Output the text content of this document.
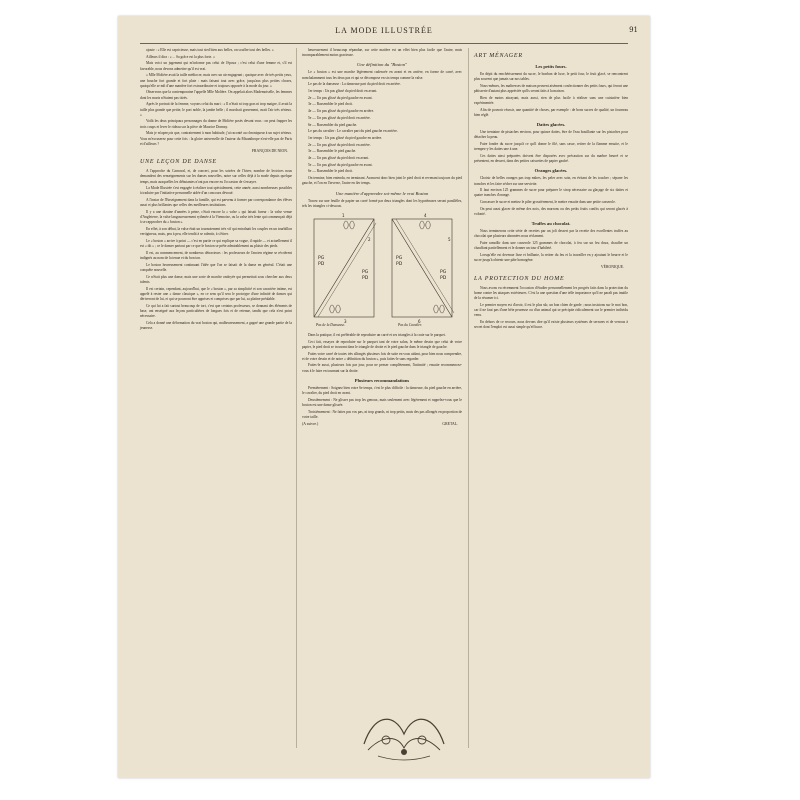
LA MODE ILLUSTRÉE	91

ajoute : « Elle est capricieuse, mais tout sied bien aux belles, on souffre tout des belles. »

Ailleurs il dira : « ... Sa grâce est la plus forte. »

Mais voici un jugement qui m'informe pas celui de l'époux ; c'est celui d'une femme et, s'il est favorable, nous devons admettre qu'il est vrai.

« Mlle Molière avait la taille médiocre, mais avec un air engageant ; quoique avec de très petits yeux, une bouche fort grande et fort plate : mais faisant tout avec grâce, jusqu'aux plus petites choses, quoiqu'elle se mît d'une manière fort extraordinaire et toujours opposée à la mode du jour. »

Observons que la contemporaine l'appelle Mlle Molière. On appelait alors Mademoiselle, les femmes dont les maris n'étaient pas titrés.

Après le portrait de la femme, voyons celui du mari : « Il n'était ni trop gras ni trop maigre, il avait la taille plus grande que petite, le port noble, la jambe belle ; il marchait gravement, avait l'air très sérieux. »

Voilà les deux principaux personnages du drame de Molière posés devant vous : on peut frapper les trois coups et lever le rideau sur la pièce de Maurice Donnay.

Mais je m'aperçois que, contrairement à mon habitude, j'ai raconté au chroniqueur à un sujet sérieux. Vous m'excuserez pour cette fois : la gloire universelle de l'auteur du Misanthrope n'est-elle pas de Paris et d'ailleurs ?

FRANÇOIS DE NION.

UNE LEÇON DE DANSE

A l'approche du Carnaval, et, de concert, pour les soirées de l'hiver, nombre de lectrices nous demandent des renseignements sur les danses nouvelles, notre sur celles déjà à la mode depuis quelque temps, mais auxquelles les débutantes n'ont pas encore eu l'occasion de s'essayer.

La Mode Illustrée s'est engagée à réaliser tout spécialement, cette année, aussi nombreuses possibles à traduire par l'initiative personnelle aidée d'un concours dévoué.

A l'instar de l'Enseignement dans la famille, qui est parvenu à former par correspondance des élèves aussi et plus brillantes que celles des meilleures institutions.

Il y a une dizaine d'années à peine, c'était encore la « valse » qui faisait fureur : la valse venue d'Angleterre, la valse langoureusement rythmée à la Viennoise, ou la valse très lente qui commençait déjà à se rapprocher du « boston ».

En effet, à son début, la valse était un tournoiement très vif qui entraînait les couples en un tourbillon vertigineux, mais, peu à peu, elle tendit à se ralentir, à s'étirer.

Le « boston » arrive à point — c'est en partie ce qui explique sa vogue, il rapide — et actuellement il est « dit » ; ce le danser partout par ce que le boston se prête admirablement au plaisir des pieds.

Il est, au commencement, de nombreux détracteurs : les professeurs de l'ancien régime se récrièrent indignés au nom de la tenue et du bon ton.

Le boston heureusement continuant l'idée que l'on se faisait de la danse en général. C'était une conquête nouvelle.

Ce n'était plus une danse, mais une sorte de marche ondoyée qui permettait sous chercher aux deux talents.

Il est certain, cependant, aujourd'hui, que le « boston », par sa simplicité et son caractère intime, est appelé à rester une « danse classique », en ce sens qu'il sera le prototype d'une infinité de danses qui dériveront de lui, et qui se pourront être apprises et comprises que par lui, sa platine préalable.

Ce qui lui a fait surtout beaucoup de tort, c'est que certains professeurs, se donnant des éléments de base, ont enseigné aux leçons particulières de longues fois et de retenue, tandis que cela n'est point nécessaire.

Cela a donné une déformation du vrai boston qui, malheureusement, a gagné une grande partie de la jeunesse.

heureusement il beaucoup répandue, sur cette matière est un effet bien plus facile que l'autre, mais incomparablement moins gracieuse.

Une définition du "Boston"

Le « boston » est une marche légèrement cadencée en avant et en arrière, en forme de carré, avec nonchalamment tous les deux pas et qui se décompose en six temps comme la valse.

Le pas de la danseuse : La danseuse part du pied droit en arrière.

1er temps : Un pas glissé du pied droit en avant.

2e — Un pas glissé du pied gauche en avant.

3e — Rassembler le pied droit.

4e — Un pas glissé du pied gauche en arrière.

5e — Un pas glissé du pied droit en arrière.

6e — Rassembler du pied gauche.

Le pas du cavalier : Le cavalier part du pied gauche en arrière.

1er temps : Un pas glissé du pied gauche en arrière.

2e — Un pas glissé du pied droit en arrière.

3e — Rassembler le pied gauche.

4e — Un pas glissé du pied droit en avant.

5e — Un pas glissé du pied gauche en avant.

6e — Rassembler le pied droit.

On termine, bien entendu, en terminant. Avancent donc bien joint le pied droit et revenant toujours du pied gauche, et l'on en l'inverse, l'autre en 4er temps.

Une manière d'apprendre soi-même le vrai Boston

Tracez sur une feuille de papier un carré formé par deux triangles dont les hypoténuses seront parallèles, tels les triangles ci-dessous.

PG
PD
PG
PD
PG
PD
PG
PD
1
2
3
4
5
6
Pas de la Danseuse.	Pas du Cavalier.

Dans la pratique, il est préférable de reproduire un carré et ses triangles à la craie sur le parquet.

Ceci fait, essayez de reproduire sur le parquet tant de votre salon, le même dessin que celui de votre papier, le pied droit se trouvant dans le triangle de droite et le pied gauche dans le triangle de gauche.

Faites votre carré de toutes très allongés plusieurs fois de suite en vous aidant, pour bien nous comprendre, et de votre dessin et de notre « définition du boston », puis faites-le sans regarder.

Faites-le aussi, plusieurs fois par jour, pour ne penser complètement, l'intimité ; ensuite recommencez-vous à le faire en tournant sur la droite.

Plusieurs recommandations

Premièrement : Soignez bien votre 6e temps, c'est le plus difficile : la danseuse, du pied gauche en arrière, le cavalier, du pied droit en avant.

Deuxièmement : Ne glisser pas trop les genoux, mais seulement avec légèrement et rappelez-vous que le boston est une danse glissée.

Troisièmement : Ne faites pas vos pas, ni trop grands, ni trop petits, mais des pas allongés en proportion de votre taille.

(A suivre.)	GRETAL.

ART MÉNAGER
Les petits fours.

En dépit du renchérissement du sucre, le bonbon de luxe, le petit four, le fruit glacé, se rencontrent plus souvent que jamais sur nos tables.

Nous-mêmes, les maîtresses de maison peuvent aisément confectionner des petits fours, qui feront une pâtisserie d'autant plus appréciée qu'ils seront faits à la maison.

Rien de moins attrayant, mais aussi, rien de plus facile à réaliser sans une cuisinière bien expérimentée.

Afin de pouvoir réussir, une quantité de choses, par exemple : de bons sucres de qualité, un fourneau bien réglé.

Dattes glacées.

Une trentaine de pistaches environ, pour quinze dattes, être de l'eau bouillante sur les pistaches pour détacher la peau.

Faire fondre du sucre jusqu'à ce qu'il donne le filé, sans casse, retirer de la flamme ensuite, et le trempez-y les dattes une à une.

Ces dattes ainsi préparées doivent être disposées avec précaution sur du marbre beurré et se présentent, en dessert, dans des petites caissettes de papier gaufré.

Oranges glacées.

Choisir de belles oranges pas trop mûres, les peler avec soin, en évitant de les toucher ; séparer les tranches et les faire sécher sur une serviette.

Il faut environ 125 grammes de sucre pour préparer le sirop nécessaire au glaçage de six dattes et quatre tranches d'orange.

Concasser le sucre et mettez le piler grossièrement, le mettre ensuite dans une petite casserole.

On peut aussi glacer de même des noix, des marrons ou des petits fruits confits qui seront glacés à volonté.

Truffes au chocolat.

Nous terminerons cette série de recettes par un joli dessert par la recette des excellentes truffes au chocolat que plusieurs abonnées nous réclament.

Faire ramollir dans une casserole 125 grammes de chocolat, à feu sur un feu doux, chauffer un chauffant partiellement et le donner un tour d'habileté.

Lorsqu'elle est devenue lisse et brillante, la retirer du feu et la travailler en y ajoutant le beurre et le sucre jusqu'à obtenir une pâte homogène.

VÉRONIQUE.

LA PROTECTION DU HOME

Nous avons eu récemment l'occasion d'étudier personnellement les progrès faits dans la protection du home contre les attaques extérieures. C'est la une question d'une telle importance qu'il ne paraît pas inutile de la résumer ici.

Le premier moyen est d'avoir, il est le plus sûr, un bon chien de garde ; nous insistons sur le mot bon, car il ne faut pas d'une bête peureuse ou d'un animal qui se précipite ridiculement sur le premier individu venu.

En dehors de ce recours, nous devons dire qu'il existe plusieurs systèmes de serrures et de verrous à secret dont l'emploi est aussi simple qu'efficace.
